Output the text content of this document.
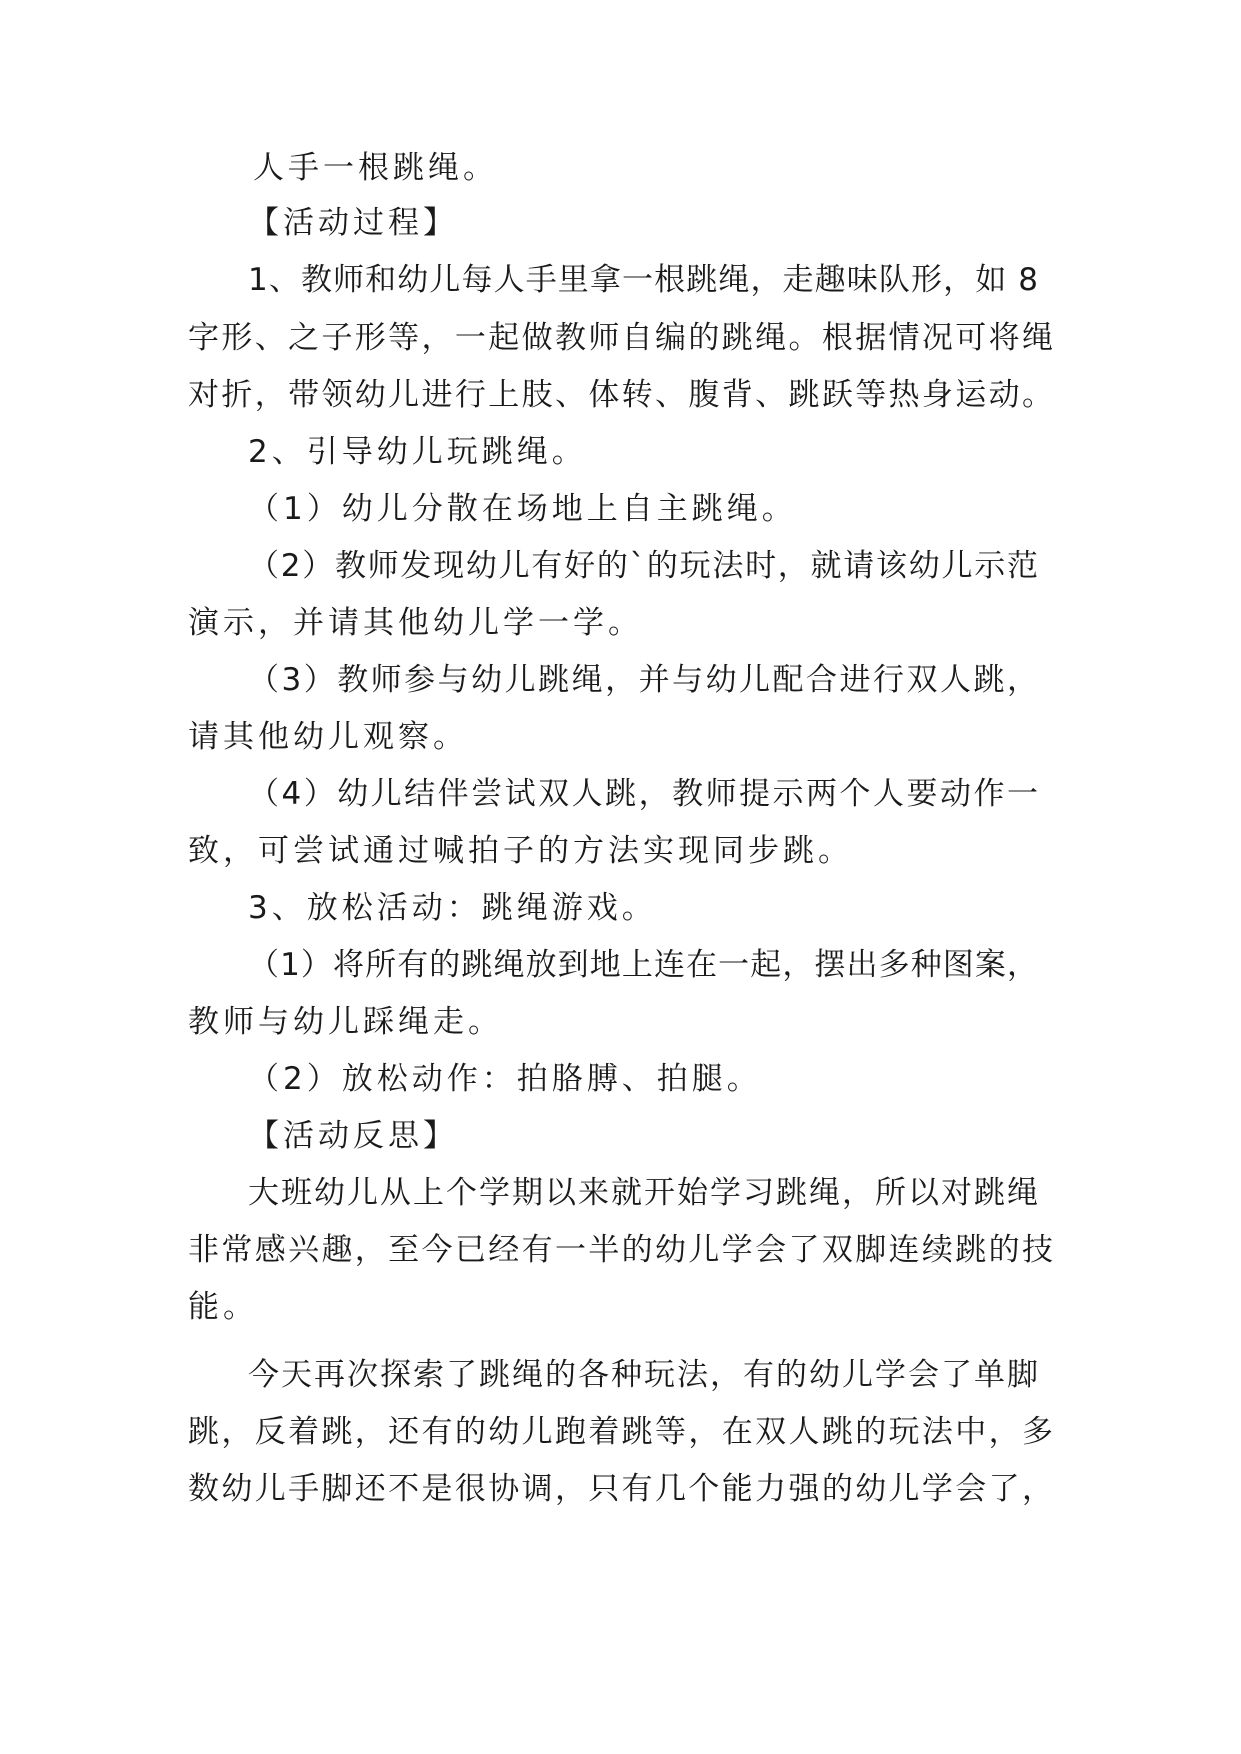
人手一根跳绳。
【活动过程】
1、教师和幼儿每人手里拿一根跳绳，走趣味队形，如 8
字形、之子形等，一起做教师自编的跳绳。根据情况可将绳
对折，带领幼儿进行上肢、体转、腹背、跳跃等热身运动。
2、引导幼儿玩跳绳。
（1）幼儿分散在场地上自主跳绳。
（2）教师发现幼儿有好的`的玩法时，就请该幼儿示范
演示，并请其他幼儿学一学。
（3）教师参与幼儿跳绳，并与幼儿配合进行双人跳，
请其他幼儿观察。
（4）幼儿结伴尝试双人跳，教师提示两个人要动作一
致，可尝试通过喊拍子的方法实现同步跳。
3、放松活动：跳绳游戏。
（1）将所有的跳绳放到地上连在一起，摆出多种图案，
教师与幼儿踩绳走。
（2）放松动作：拍胳膊、拍腿。
【活动反思】
大班幼儿从上个学期以来就开始学习跳绳，所以对跳绳
非常感兴趣，至今已经有一半的幼儿学会了双脚连续跳的技
能。
今天再次探索了跳绳的各种玩法，有的幼儿学会了单脚
跳，反着跳，还有的幼儿跑着跳等，在双人跳的玩法中，多
数幼儿手脚还不是很协调，只有几个能力强的幼儿学会了，
